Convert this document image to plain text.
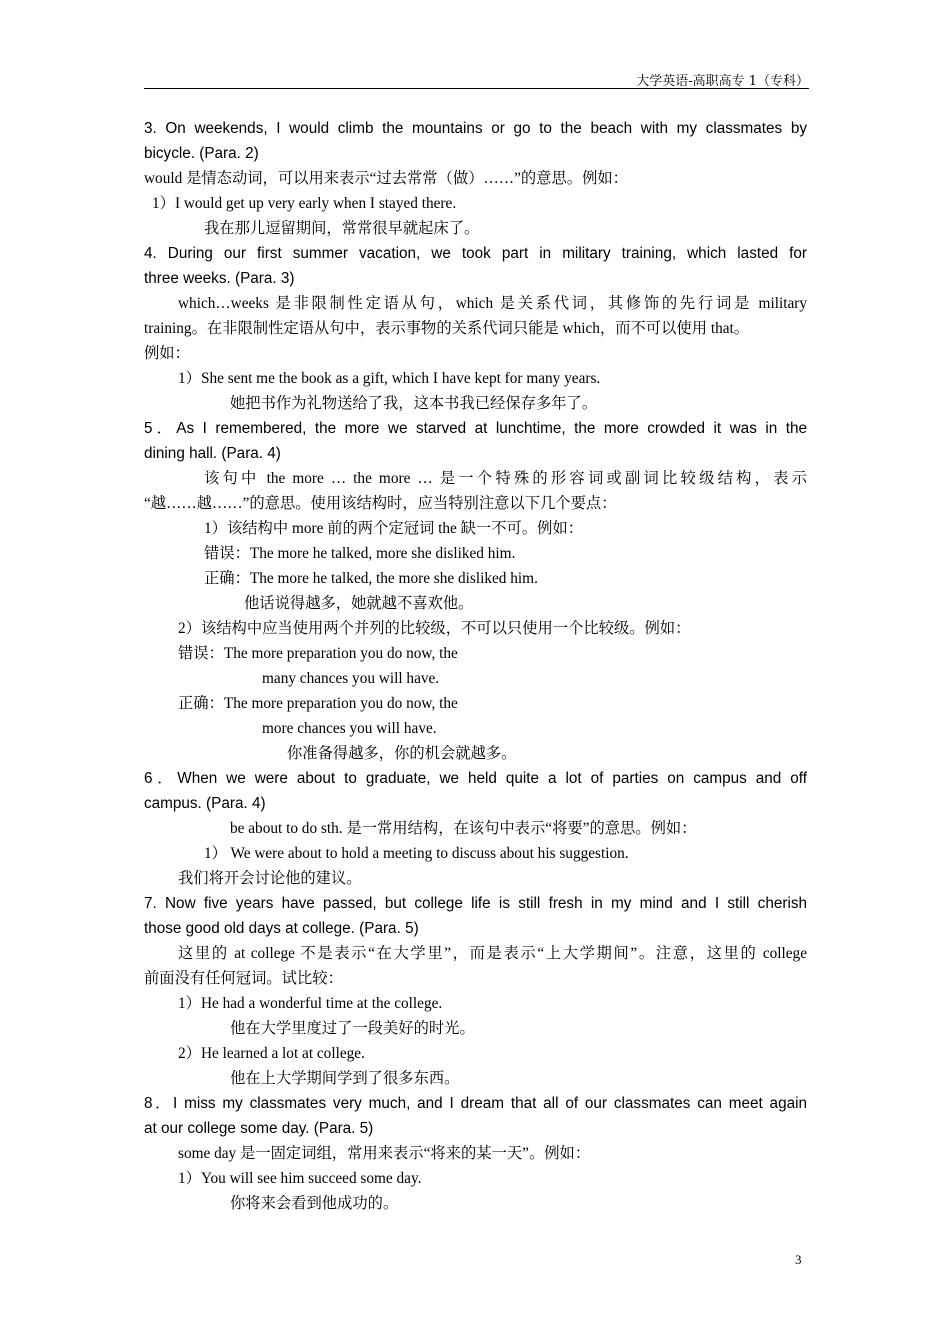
大学英语-高职高专 1（专科）
3. On weekends, I would climb the mountains or go to the beach with my classmates by
bicycle. (Para. 2)
would 是情态动词，可以用来表示“过去常常（做）……”的意思。例如：
1）I would get up very early when I stayed there.
我在那儿逗留期间，常常很早就起床了。
4. During our first summer vacation, we took part in military training, which lasted for
three weeks. (Para. 3)
which…weeks 是非限制性定语从句，which 是关系代词，其修饰的先行词是 military
training。在非限制性定语从句中，表示事物的关系代词只能是 which，而不可以使用 that。
例如：
1）She sent me the book as a gift, which I have kept for many years.
她把书作为礼物送给了我，这本书我已经保存多年了。
5．As I remembered, the more we starved at lunchtime, the more crowded it was in the
dining hall. (Para. 4)
该句中 the more … the more … 是一个特殊的形容词或副词比较级结构，表示
“越……越……”的意思。使用该结构时，应当特别注意以下几个要点：
1）该结构中 more 前的两个定冠词 the 缺一不可。例如：
错误：The more he talked, more she disliked him.
正确：The more he talked, the more she disliked him.
他话说得越多，她就越不喜欢他。
2）该结构中应当使用两个并列的比较级，不可以只使用一个比较级。例如：
错误：The more preparation you do now, the
many chances you will have.
正确：The more preparation you do now, the
more chances you will have.
你准备得越多，你的机会就越多。
6．When we were about to graduate, we held quite a lot of parties on campus and off
campus. (Para. 4)
be about to do sth. 是一常用结构，在该句中表示“将要”的意思。例如：
1） We were about to hold a meeting to discuss about his suggestion.
我们将开会讨论他的建议。
7. Now five years have passed, but college life is still fresh in my mind and I still cherish
those good old days at college. (Para. 5)
这里的 at college 不是表示“在大学里”，而是表示“上大学期间”。注意，这里的 college
前面没有任何冠词。试比较：
1）He had a wonderful time at the college.
他在大学里度过了一段美好的时光。
2）He learned a lot at college.
他在上大学期间学到了很多东西。
8．I miss my classmates very much, and I dream that all of our classmates can meet again
at our college some day. (Para. 5)
some day 是一固定词组，常用来表示“将来的某一天”。例如：
1）You will see him succeed some day.
你将来会看到他成功的。
3
